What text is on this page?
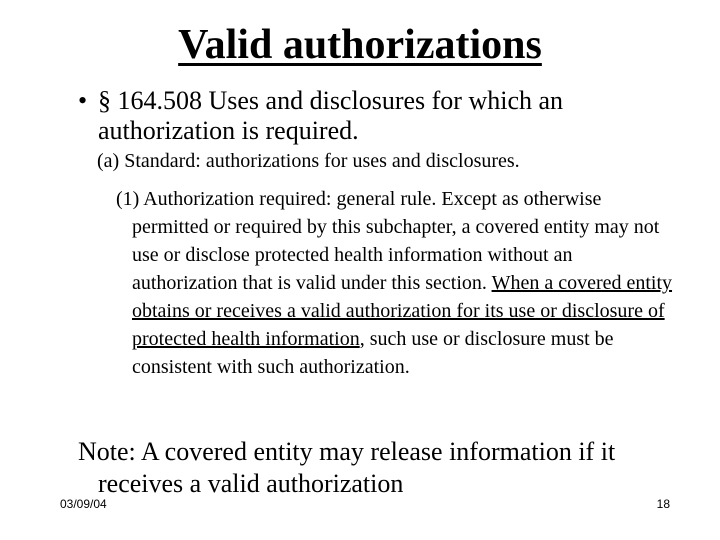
Valid authorizations
• § 164.508 Uses and disclosures for which an authorization is required.
(a) Standard: authorizations for uses and disclosures.
(1) Authorization required: general rule. Except as otherwise permitted or required by this subchapter, a covered entity may not use or disclose protected health information without an authorization that is valid under this section. When a covered entity obtains or receives a valid authorization for its use or disclosure of protected health information, such use or disclosure must be consistent with such authorization.
Note: A covered entity may release information if it receives a valid authorization
03/09/04	18
